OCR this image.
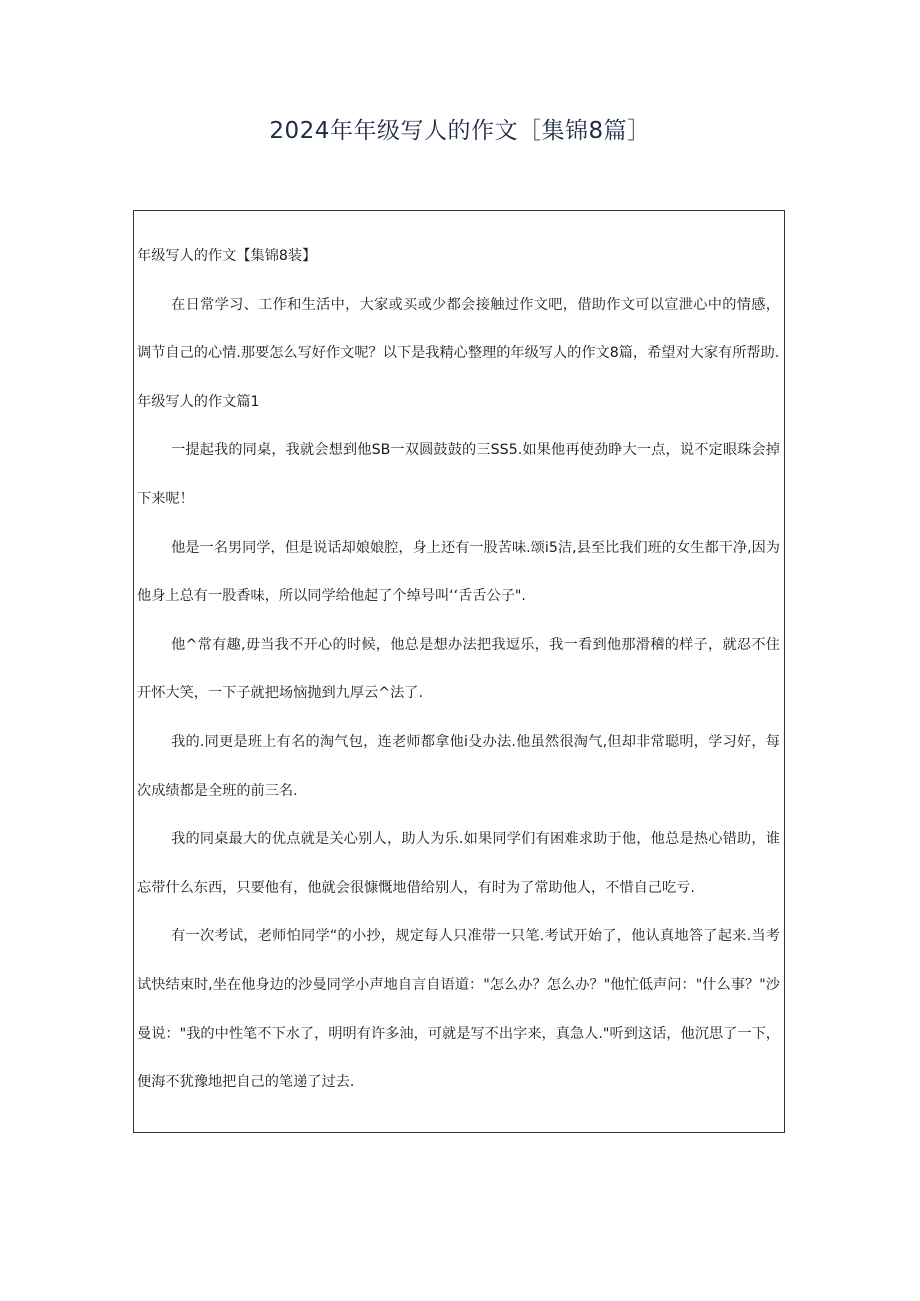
2024年年级写人的作文［集锦8篇］

年级写人的作文【集锦8装】

在日常学习、工作和生活中，大家或买或少都会接触过作文吧，借助作文可以宣泄心中的情感，调节自己的心情.那要怎么写好作文呢？以下是我精心整理的年级写人的作文8篇，希望对大家有所帮助.

年级写人的作文篇1

一提起我的同桌，我就会想到他SB一双圆鼓鼓的三SS5.如果他再使劲睁大一点，说不定眼珠会掉下来呢！

他是一名男同学，但是说话却娘娘腔，身上还有一股苦味.颂i5洁,县至比我们班的女生都干净,因为他身上总有一股香味，所以同学给他起了个绰号叫‘‘舌舌公子".

他^常有趣,毋当我不开心的时候，他总是想办法把我逗乐，我一看到他那滑稽的样子，就忍不住开怀大笑，一下子就把场恼抛到九厚云^法了.

我的.同更是班上有名的淘气包，连老师都拿他i殳办法.他虽然很淘气,但却非常聪明，学习好，每次成绩都是全班的前三名.

我的同桌最大的优点就是关心别人，助人为乐.如果同学们有困难求助于他，他总是热心错助，谁忘带什么东西，只要他有，他就会很慷慨地借给别人，有时为了常助他人，不惜自己吃亏.

有一次考试，老师怕同学“的小抄，规定每人只准带一只笔.考试开始了，他认真地答了起来.当考试快结束时,坐在他身边的沙曼同学小声地自言自语道："怎么办？怎么办？"他忙低声问："什么事？"沙曼说："我的中性笔不下水了，明明有许多油，可就是写不出字来，真急人."听到这话，他沉思了一下，便海不犹豫地把自己的笔递了过去.
